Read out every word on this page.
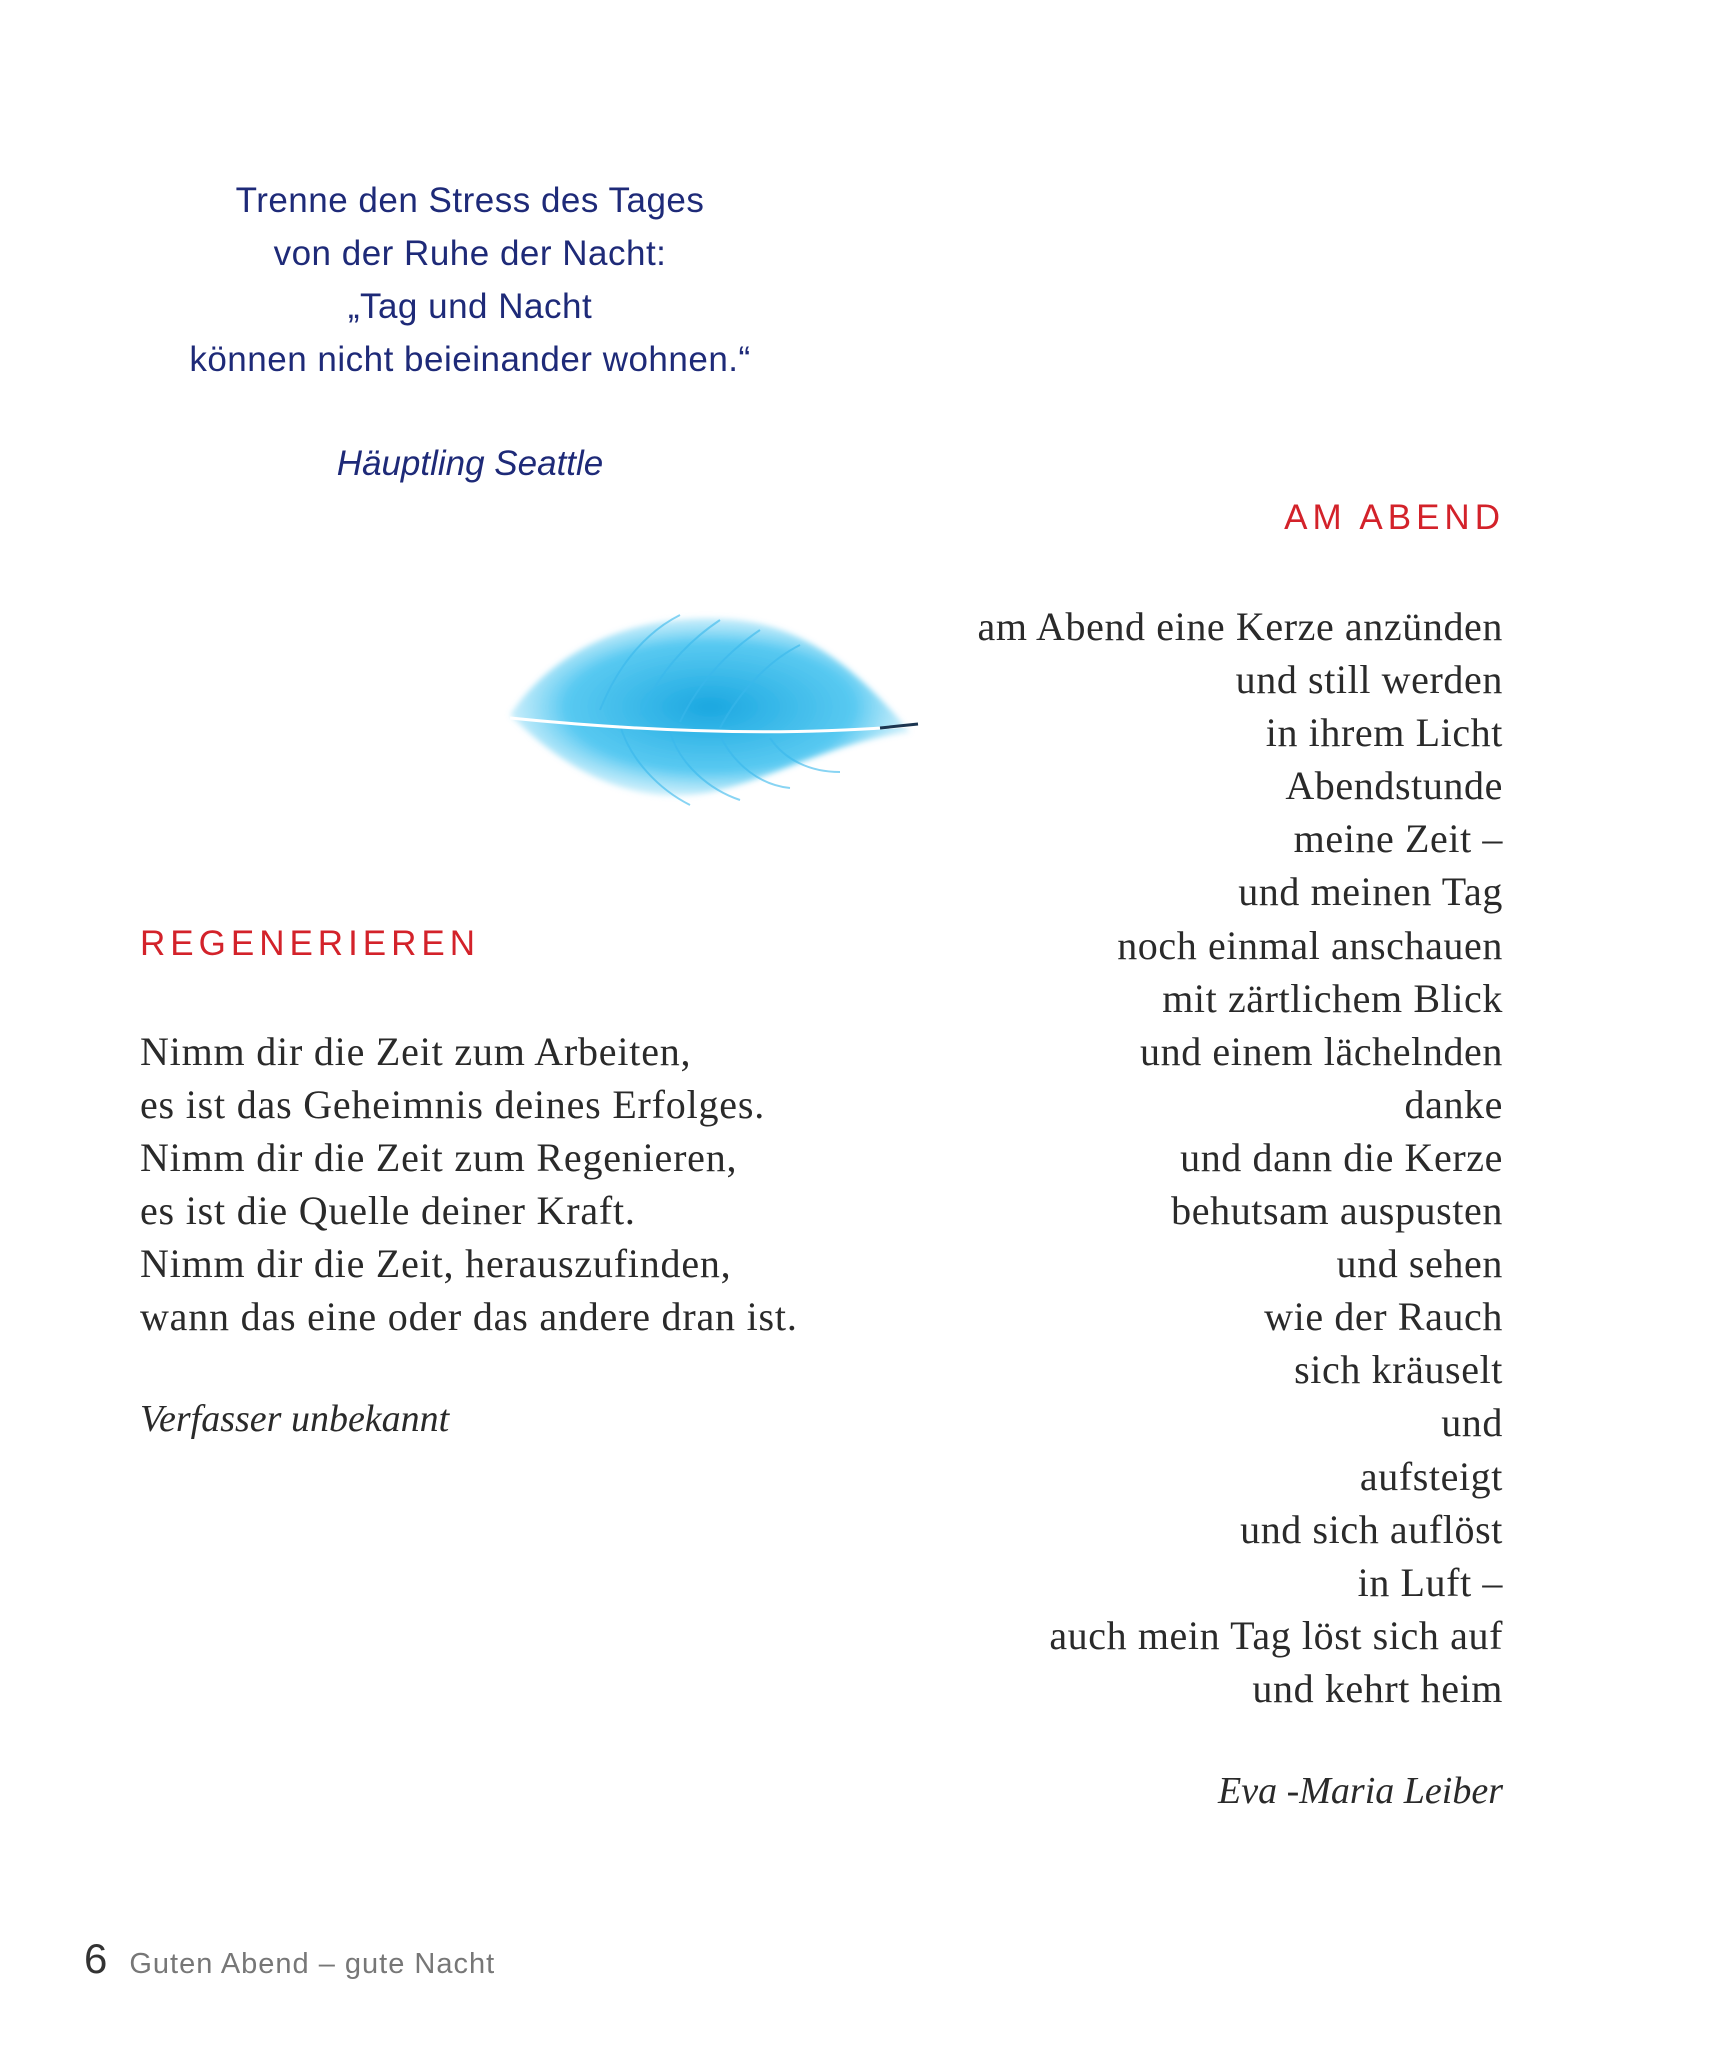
Trenne den Stress des Tages
von der Ruhe der Nacht:
„Tag und Nacht
können nicht beieinander wohnen.“
Häuptling Seattle
AM ABEND
REGENERIEREN
Nimm dir die Zeit zum Arbeiten,
es ist das Geheimnis deines Erfolges.
Nimm dir die Zeit zum Regenieren,
es ist die Quelle deiner Kraft.
Nimm dir die Zeit, herauszufinden,
wann das eine oder das andere dran ist.
Verfasser unbekannt
am Abend eine Kerze anzünden
und still werden
in ihrem Licht
Abendstunde
meine Zeit –
und meinen Tag
noch einmal anschauen
mit zärtlichem Blick
und einem lächelnden
danke
und dann die Kerze
behutsam auspusten
und sehen
wie der Rauch
sich kräuselt
und
aufsteigt
und sich auflöst
in Luft –
auch mein Tag löst sich auf
und kehrt heim
Eva -Maria Leiber
6 Guten Abend – gute Nacht
